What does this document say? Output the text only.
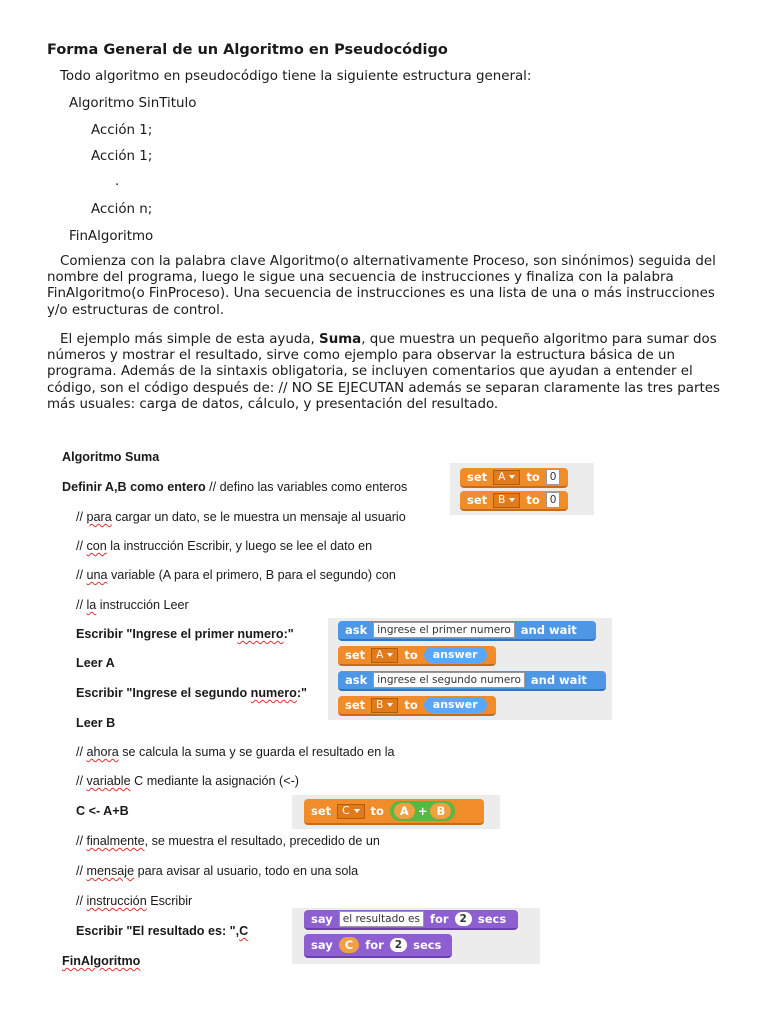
Forma General de un Algoritmo en Pseudocódigo
Todo algoritmo en pseudocódigo tiene la siguiente estructura general:
Algoritmo SinTitulo
Acción 1;
Acción 1;
.
Acción n;
FinAlgoritmo
Comienza con la palabra clave Algoritmo(o alternativamente Proceso, son sinónimos) seguida del nombre del programa, luego le sigue una secuencia de instrucciones y finaliza con la palabra FinAlgoritmo(o FinProceso). Una secuencia de instrucciones es una lista de una o más instrucciones y/o estructuras de control.
El ejemplo más simple de esta ayuda, Suma, que muestra un pequeño algoritmo para sumar dos números y mostrar el resultado, sirve como ejemplo para observar la estructura básica de un programa. Además de la sintaxis obligatoria, se incluyen comentarios que ayudan a entender el código, son el código después de: // NO SE EJECUTAN además se separan claramente las tres partes más usuales: carga de datos, cálculo, y presentación del resultado.
Algoritmo Suma
Definir A,B como entero // defino las variables como enteros
// para cargar un dato, se le muestra un mensaje al usuario
// con la instrucción Escribir, y luego se lee el dato en
// una variable (A para el primero, B para el segundo) con
// la instrucción Leer
Escribir "Ingrese el primer numero:"
Leer A
Escribir "Ingrese el segundo numero:"
Leer B
// ahora se calcula la suma y se guarda el resultado en la
// variable C mediante la asignación (<-)
C <- A+B
// finalmente, se muestra el resultado, precedido de un
// mensaje para avisar al usuario, todo en una sola
// instrucción Escribir
Escribir "El resultado es: ",C
FinAlgoritmo
set A to 0
set B to 0
ask ingrese el primer numero and wait
set A to	answer
ask ingrese el segundo numero and wait
set B to	answer
set C to	A + B
say el resultado es for	2 secs
say	C	for	2 secs
